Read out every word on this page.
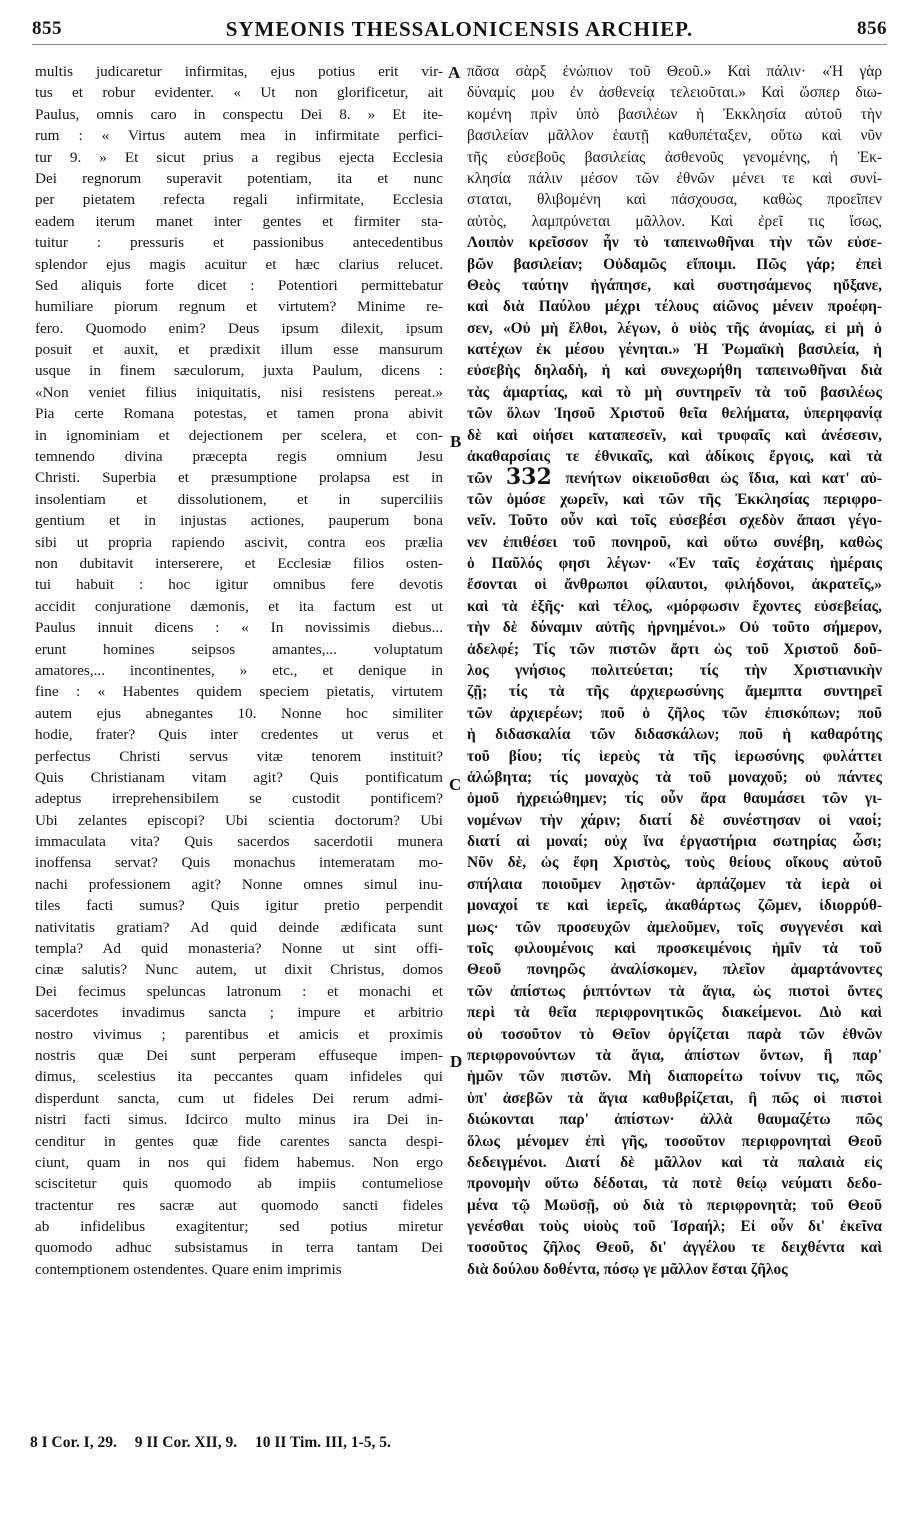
855	SYMEONIS THESSALONICENSIS ARCHIEP.	856
multis judicaretur infirmitas, ejus potius erit vir-
tus et robur evidenter. « Ut non glorificetur, ait
Paulus, omnis caro in conspectu Dei 8. » Et ite-
rum : « Virtus autem mea in infirmitate perfici-
tur 9. » Et sicut prius a regibus ejecta Ecclesia
Dei regnorum superavit potentiam, ita et nunc
per pietatem refecta regali infirmitate, Ecclesia
eadem iterum manet inter gentes et firmiter sta-
tuitur : pressuris et passionibus antecedentibus
splendor ejus magis acuitur et hæc clarius relucet.
Sed aliquis forte dicet : Potentiori permittebatur
humiliare piorum regnum et virtutem? Minime re-
fero. Quomodo enim? Deus ipsum dilexit, ipsum
posuit et auxit, et prædixit illum esse mansurum
usque in finem sæculorum, juxta Paulum, dicens :
«Non veniet filius iniquitatis, nisi resistens pereat.»
Pia certe Romana potestas, et tamen prona abivit
in ignominiam et dejectionem per scelera, et con-
temnendo divina præcepta regis omnium Jesu
Christi. Superbia et præsumptione prolapsa est in
insolentiam et dissolutionem, et in superciliis
gentium et in injustas actiones, pauperum bona
sibi ut propria rapiendo ascivit, contra eos prælia
non dubitavit interserere, et Ecclesiæ filios osten-
tui habuit : hoc igitur omnibus fere devotis
accidit conjuratione dæmonis, et ita factum est ut
Paulus innuit dicens : « In novissimis diebus...
erunt homines seipsos amantes,... voluptatum
amatores,... incontinentes, » etc., et denique in
fine : « Habentes quidem speciem pietatis, virtutem
autem ejus abnegantes 10. Nonne hoc similiter
hodie, frater? Quis inter credentes ut verus et
perfectus Christi servus vitæ tenorem instituit?
Quis Christianam vitam agit? Quis pontificatum
adeptus irreprehensibilem se custodit pontificem?
Ubi zelantes episcopi? Ubi scientia doctorum? Ubi
immaculata vita? Quis sacerdos sacerdotii munera
inoffensa servat? Quis monachus intemeratam mo-
nachi professionem agit? Nonne omnes simul inu-
tiles facti sumus? Quis igitur pretio perpendit
nativitatis gratiam? Ad quid deinde ædificata sunt
templa? Ad quid monasteria? Nonne ut sint offi-
cinæ salutis? Nunc autem, ut dixit Christus, domos
Dei fecimus speluncas latronum : et monachi et
sacerdotes invadimus sancta ; impure et arbitrio
nostro vivimus ; parentibus et amicis et proximis
nostris quæ Dei sunt perperam effuseque impen-
dimus, scelestius ita peccantes quam infideles qui
disperdunt sancta, cum ut fideles Dei rerum admi-
nistri facti simus. Idcirco multo minus ira Dei in-
cenditur in gentes quæ fide carentes sancta despi-
ciunt, quam in nos qui fidem habemus. Non ergo
sciscitetur quis quomodo ab impiis contumeliose
tractentur res sacræ aut quomodo sancti fideles
ab infidelibus exagitentur; sed potius miretur
quomodo adhuc subsistamus in terra tantam Dei
contemptionem ostendentes. Quare enim imprimis
πᾶσα σὰρξ ἐνώπιον τοῦ Θεοῦ.» Καὶ πάλιν· «Ἡ γὰρ
δύναμίς μου ἐν ἀσθενείᾳ τελειοῦται.» Καὶ ὥσπερ διω-
κομένη πρὶν ὑπὸ βασιλέων ἡ Ἐκκλησία αὐτοῦ τὴν
βασιλείαν μᾶλλον ἑαυτῇ καθυπέταξεν, οὕτω καὶ νῦν
τῆς εὐσεβοῦς βασιλείας ἀσθενοῦς γενομένης, ἡ Ἐκ-
κλησία πάλιν μέσον τῶν ἐθνῶν μένει τε καὶ συνί-
σταται, θλιβομένη καὶ πάσχουσα, καθὼς προεῖπεν
αὐτὸς, λαμπρύνεται μᾶλλον. Καὶ ἐρεῖ τις ἴσως,
Λοιπὸν κρεῖσσον ἦν τὸ ταπεινωθῆναι τὴν τῶν εὐσε-
βῶν βασιλείαν; Οὐδαμῶς εἴποιμι. Πῶς γάρ; ἐπεὶ
Θεὸς ταύτην ἠγάπησε, καὶ συστησάμενος ηὔξανε,
καὶ διὰ Παύλου μέχρι τέλους αἰῶνος μένειν προέφη-
σεν, «Οὐ μὴ ἔλθοι, λέγων, ὁ υἱὸς τῆς ἀνομίας, εἰ μὴ ὁ
κατέχων ἐκ μέσου γένηται.» Ἡ Ῥωμαϊκὴ βασιλεία, ἡ
εὐσεβὴς δηλαδὴ, ἡ καὶ συνεχωρήθη ταπεινωθῆναι διὰ
τὰς ἁμαρτίας, καὶ τὸ μὴ συντηρεῖν τὰ τοῦ βασιλέως
τῶν ὅλων Ἰησοῦ Χριστοῦ θεῖα θελήματα, ὑπερηφανίᾳ
δὲ καὶ οἰήσει καταπεσεῖν, καὶ τρυφαῖς καὶ ἀνέσεσιν,
ἀκαθαρσίαις τε ἐθνικαῖς, καὶ ἀδίκοις ἔργοις, καὶ τὰ
τῶν 332 πενήτων οἰκειοῦσθαι ὡς ἴδια, καὶ κατ' αὐ-
τῶν ὁμόσε χωρεῖν, καὶ τῶν τῆς Ἐκκλησίας περιφρο-
νεῖν. Τοῦτο οὖν καὶ τοῖς εὐσεβέσι σχεδὸν ἅπασι γέγο-
νεν ἐπιθέσει τοῦ πονηροῦ, καὶ οὕτω συνέβη, καθὼς
ὁ Παῦλός φησι λέγων· «Ἐν ταῖς ἐσχάταις ἡμέραις
ἔσονται οἱ ἄνθρωποι φίλαυτοι, φιλήδονοι, ἀκρατεῖς,»
καὶ τὰ ἑξῆς· καὶ τέλος, «μόρφωσιν ἔχοντες εὐσεβείας,
τὴν δὲ δύναμιν αὐτῆς ἠρνημένοι.» Οὐ τοῦτο σήμερον,
ἀδελφέ; Τίς τῶν πιστῶν ἄρτι ὡς τοῦ Χριστοῦ δοῦ-
λος γνήσιος πολιτεύεται; τίς τὴν Χριστιανικὴν
ζῇ; τίς τὰ τῆς ἀρχιερωσύνης ἄμεμπτα συντηρεῖ
τῶν ἀρχιερέων; ποῦ ὁ ζῆλος τῶν ἐπισκόπων; ποῦ
ἡ διδασκαλία τῶν διδασκάλων; ποῦ ἡ καθαρότης
τοῦ βίου; τίς ἱερεὺς τὰ τῆς ἱερωσύνης φυλάττει
ἀλώβητα; τίς μοναχὸς τὰ τοῦ μοναχοῦ; οὐ πάντες
ὁμοῦ ἠχρειώθημεν; τίς οὖν ἄρα θαυμάσει τῶν γι-
νομένων τὴν χάριν; διατί δὲ συνέστησαν οἱ ναοί;
διατί αἱ μοναί; οὐχ ἵνα ἐργαστήρια σωτηρίας ὦσι;
Νῦν δὲ, ὡς ἔφη Χριστὸς, τοὺς θείους οἴκους αὐτοῦ
σπήλαια ποιοῦμεν λῃστῶν· ἁρπάζομεν τὰ ἱερὰ οἱ
μοναχοί τε καὶ ἱερεῖς, ἀκαθάρτως ζῶμεν, ἰδιορρύθ-
μως· τῶν προσευχῶν ἀμελοῦμεν, τοῖς συγγενέσι καὶ
τοῖς φιλουμένοις καὶ προσκειμένοις ἡμῖν τὰ τοῦ
Θεοῦ πονηρῶς ἀναλίσκομεν, πλεῖον ἁμαρτάνοντες
τῶν ἀπίστως ῥιπτόντων τὰ ἅγια, ὡς πιστοὶ ὄντες
περὶ τὰ θεῖα περιφρονητικῶς διακείμενοι. Διὸ καὶ
οὐ τοσοῦτον τὸ Θεῖον ὀργίζεται παρὰ τῶν ἐθνῶν
περιφρονούντων τὰ ἅγια, ἀπίστων ὄντων, ἢ παρ'
ἡμῶν τῶν πιστῶν. Μὴ διαπορείτω τοίνυν τις, πῶς
ὑπ' ἀσεβῶν τὰ ἅγια καθυβρίζεται, ἢ πῶς οἱ πιστοὶ
διώκονται παρ' ἀπίστων· ἀλλὰ θαυμαζέτω πῶς
ὅλως μένομεν ἐπὶ γῆς, τοσοῦτον περιφρονηταὶ Θεοῦ
δεδειγμένοι. Διατί δὲ μᾶλλον καὶ τὰ παλαιὰ εἰς
προνομὴν οὕτω δέδοται, τὰ ποτὲ θείῳ νεύματι δεδο-
μένα τῷ Μωϋσῇ, οὐ διὰ τὸ περιφρονητὰ; τοῦ Θεοῦ
γενέσθαι τοὺς υἱοὺς τοῦ Ἰσραήλ; Εἰ οὖν δι' ἐκεῖνα
τοσοῦτος ζῆλος Θεοῦ, δι' ἀγγέλου τε δειχθέντα καὶ
διὰ δούλου δοθέντα, πόσῳ γε μᾶλλον ἔσται ζῆλος
A
B
C
D
8 I Cor. I, 29. 9 II Cor. XII, 9. 10 II Tim. III, 1-5, 5.
